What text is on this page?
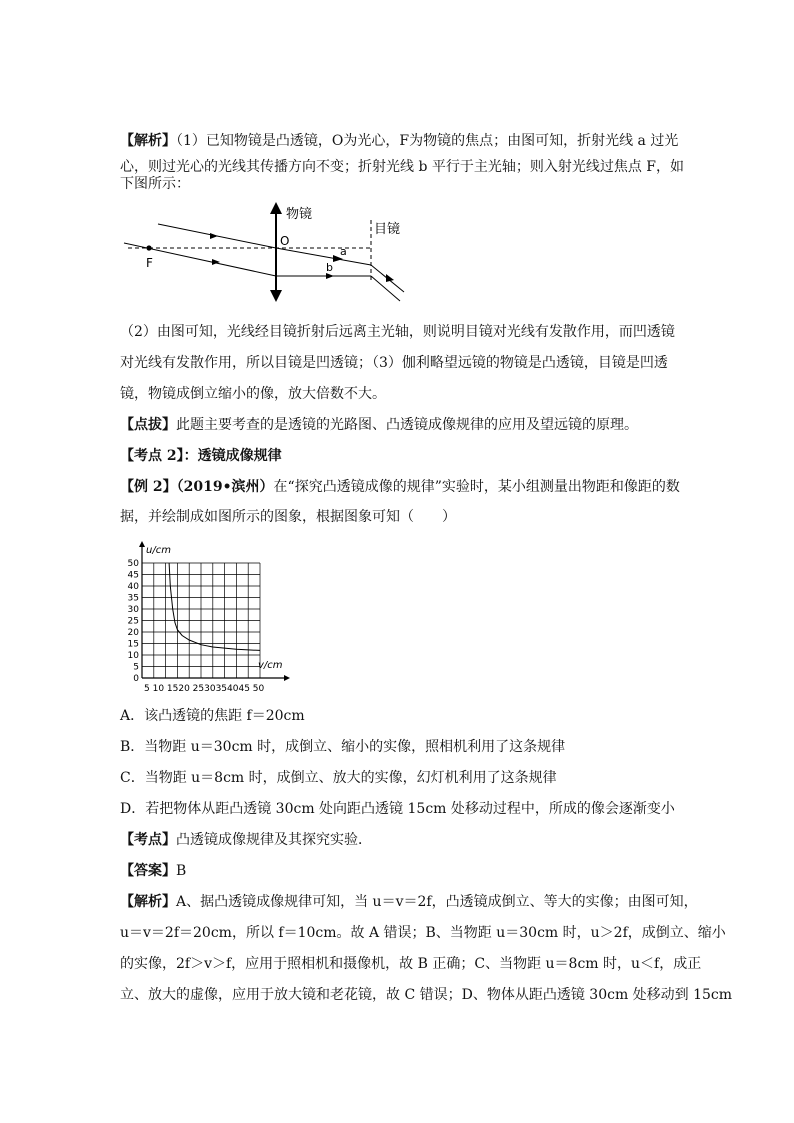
【解析】（1）已知物镜是凸透镜，O为光心，F为物镜的焦点；由图可知，折射光线 a 过光
心，则过光心的光线其传播方向不变；折射光线 b 平行于主光轴；则入射光线过焦点 F，如
下图所示：
物镜
目镜
O
F
a
b
（2）由图可知，光线经目镜折射后远离主光轴，则说明目镜对光线有发散作用，而凹透镜
对光线有发散作用，所以目镜是凹透镜；（3）伽利略望远镜的物镜是凸透镜，目镜是凹透
镜，物镜成倒立缩小的像，放大倍数不大。
【点拔】此题主要考查的是透镜的光路图、凸透镜成像规律的应用及望远镜的原理。
【考点 2】：透镜成像规律
【例 2】（2019•滨州）在“探究凸透镜成像的规律”实验时，某小组测量出物距和像距的数
据，并绘制成如图所示的图象，根据图象可知（　　）
50
45
40
35
30
25
20
15
10
5
0
5 10 1520 2530354045 50
u/cm
v/cm
A．该凸透镜的焦距 f＝20cm
B．当物距 u＝30cm 时，成倒立、缩小的实像，照相机利用了这条规律
C．当物距 u＝8cm 时，成倒立、放大的实像，幻灯机利用了这条规律
D．若把物体从距凸透镜 30cm 处向距凸透镜 15cm 处移动过程中，所成的像会逐渐变小
【考点】凸透镜成像规律及其探究实验．
【答案】B
【解析】A、据凸透镜成像规律可知，当 u＝v＝2f，凸透镜成倒立、等大的实像；由图可知，
u＝v＝2f＝20cm，所以 f＝10cm。故 A 错误；B、当物距 u＝30cm 时，u＞2f，成倒立、缩小
的实像，2f＞v＞f，应用于照相机和摄像机，故 B 正确；C、当物距 u＝8cm 时，u＜f，成正
立、放大的虚像，应用于放大镜和老花镜，故 C 错误；D、物体从距凸透镜 30cm 处移动到 15cm
